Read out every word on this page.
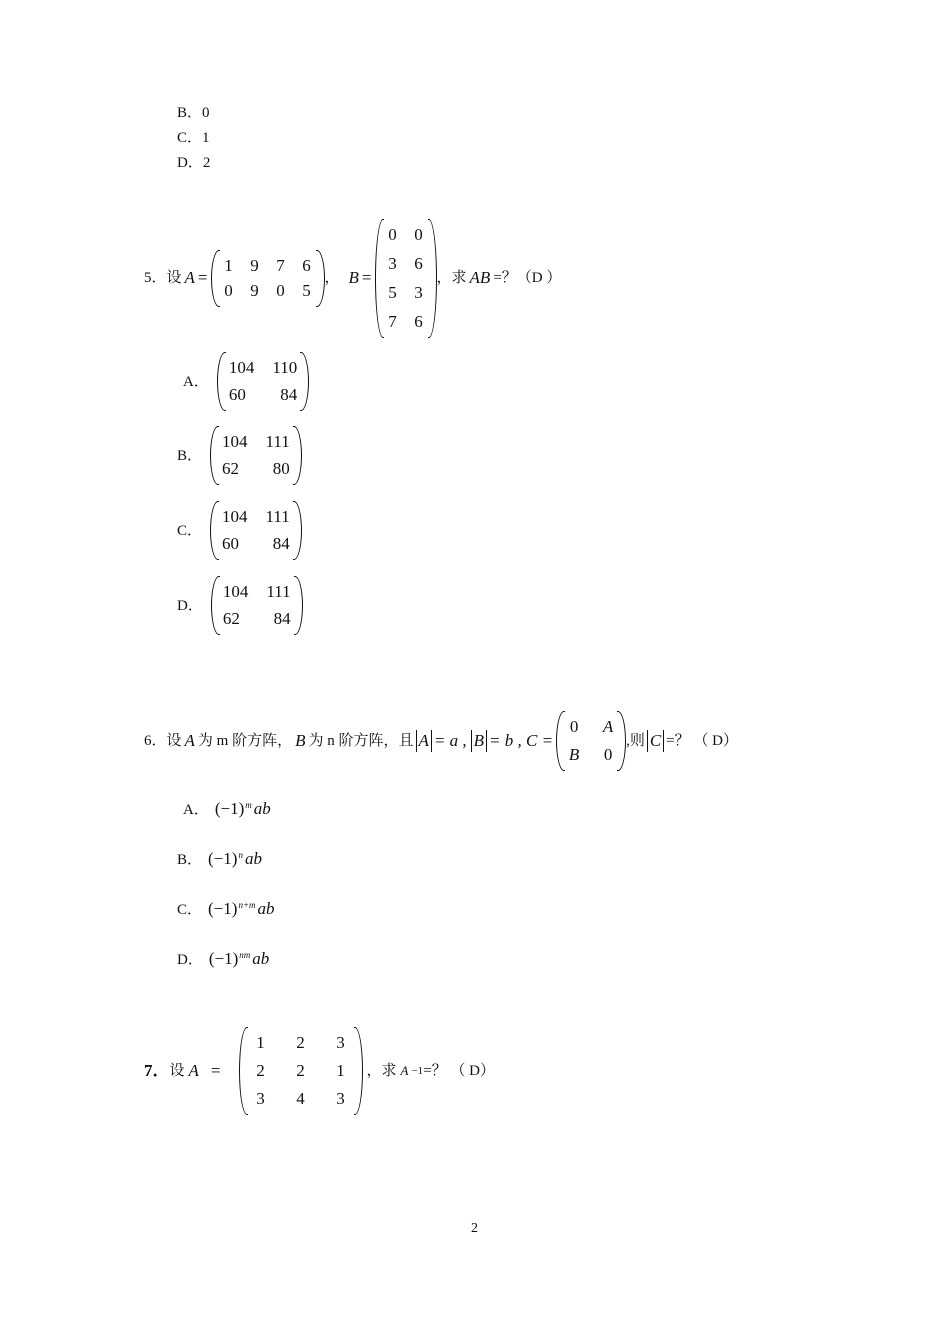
B．0
C．1
D．2
5． 设 A =
1 9 7 6
0 9 0 5
， B =
0 0
3 6
5 3
7 6
，求 AB =？（D ）
A．
104 110
60	84
B．
104 111
62	80
C．
104 111
60	84
D．
104 111
62	84
6． 设 A 为 m 阶方阵， B 为 n 阶方阵，且 A = a , B = b , C =
0 A
B 0
,则 C =？ （ D）
A． $(-1)^m$ ab
B． $(-1)^n$ ab
C． $(-1)^{n+m}$ ab
D． $(-1)^{nm}$ ab
7． 设 A =
1 2 3
2 2 1
3 4 3
，求 A −1 =？ （ D）
2
